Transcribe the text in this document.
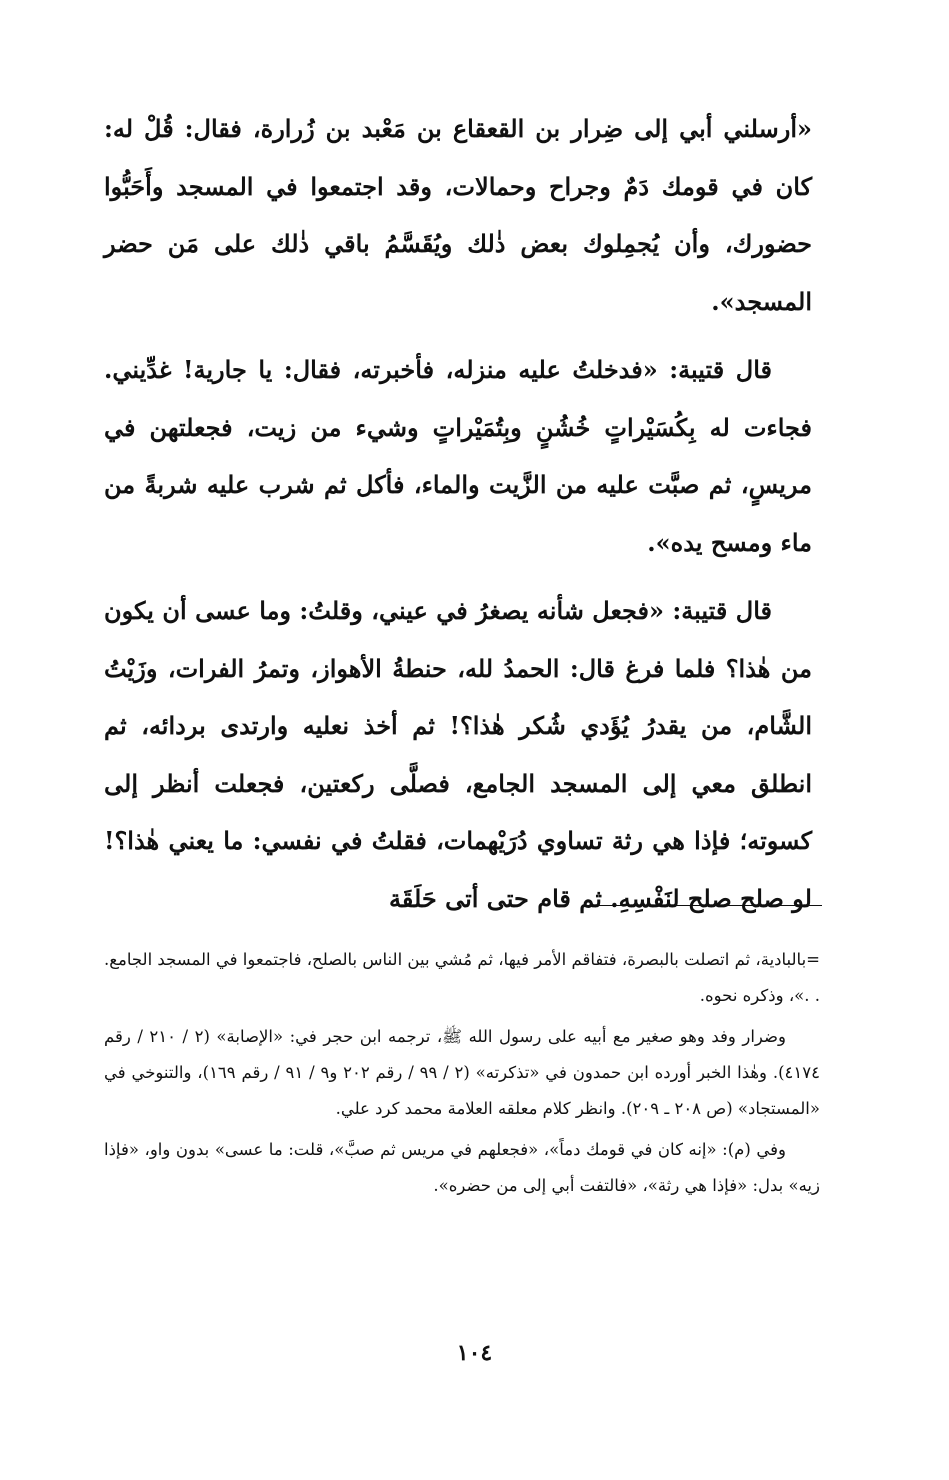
«أرسلني أبي إلى ضِرار بن القعقاع بن مَعْبد بن زُرارة، فقال: قُلْ له: كان في قومك دَمٌ وجراح وحمالات، وقد اجتمعوا في المسجد وأَحَبُّوا حضورك، وأن يُجمِلوك بعض ذٰلك ويُقَسَّمُ باقي ذٰلك على مَن حضر المسجد».

قال قتيبة: «فدخلتُ عليه منزله، فأخبرته، فقال: يا جارية! غدِّيني. فجاءت له بِكُسَيْراتٍ خُشُنٍ وبِتُمَيْراتٍ وشيء من زيت، فجعلتهن في مريسٍ، ثم صبَّت عليه من الزَّيت والماء، فأكل ثم شرب عليه شربةً من ماء ومسح يده».

قال قتيبة: «فجعل شأنه يصغرُ في عيني، وقلتُ: وما عسى أن يكون من هٰذا؟ فلما فرغ قال: الحمدُ لله، حنطةُ الأهواز، وتمرُ الفرات، وزَيْتُ الشَّام، من يقدرُ يُؤَدي شُكر هٰذا؟! ثم أخذ نعليه وارتدى بردائه، ثم انطلق معي إلى المسجد الجامع، فصلَّى ركعتين، فجعلت أنظر إلى كسوته؛ فإذا هي رثة تساوي دُرَيْهمات، فقلتُ في نفسي: ما يعني هٰذا؟! لو صلح صلح لنَفْسِهِ. ثم قام حتى أتى حَلَقَة

=بالبادية، ثم اتصلت بالبصرة، فتفاقم الأمر فيها، ثم مُشي بين الناس بالصلح، فاجتمعوا في المسجد الجامع. . .»، وذكره نحوه.

وضرار وفد وهو صغير مع أبيه على رسول الله ﷺ، ترجمه ابن حجر في: «الإصابة» (٢ / ٢١٠ / رقم ٤١٧٤). وهٰذا الخبر أورده ابن حمدون في «تذكرته» (٢ / ٩٩ / رقم ٢٠٢ و٩ / ٩١ / رقم ١٦٩)، والتنوخي في «المستجاد» (ص ٢٠٨ ـ ٢٠٩). وانظر كلام معلقه العلامة محمد كرد علي.

وفي (م): «إنه كان في قومك دماً»، «فجعلهم في مريس ثم صبَّ»، قلت: ما عسى» بدون واو، «فإذا زيه» بدل: «فإذا هي رثة»، «فالتفت أبي إلى من حضره».

١٠٤
